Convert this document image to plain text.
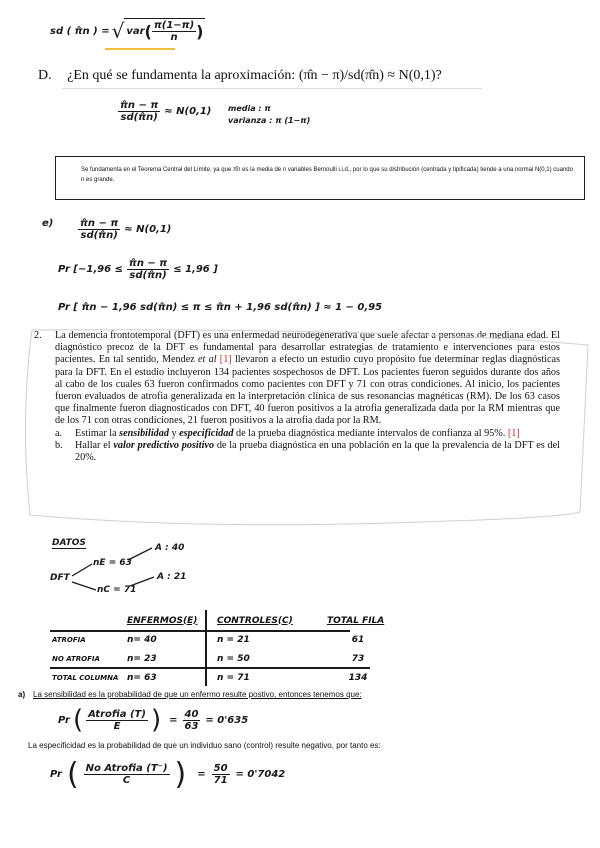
sd ( π̂n ) = √ var ( $\frac{\pi(1-\pi)}{n}$ )
D. ¿En qué se fundamenta la aproximación: (π̂n − π)/sd(π̂n) ≈ N(0,1)?
$\frac{\pîn - \pi}{sd(\pîn)} \approx N(0,1)$ media : π
varianza : π (1−π)
Se fundamenta en el Teorema Central del Límite, ya que π̂n es la media de n variables Bernoulli i.i.d., por lo que su distribución (centrada y tipificada) tiende a una normal N(0,1) cuando n es grande.
$e) \frac{\pîn - \pi}{sd(\pîn)} \approx N(0,1)$
Pr [$-1,96 \le \frac{\pîn - \pi}{sd(\pîn)} \le 1,96$ ]
Pr [ π̂n − 1,96 sd(π̂n) ≤ π ≤ π̂n + 1,96 sd(π̂n) ] ≈ 1 − 0,95
2. La demencia frontotemporal (DFT) es una enfermedad neurodegenerativa que suele afectar a personas de mediana edad. El diagnóstico precoz de la DFT es fundamental para desarrollar estrategias de tratamiento e intervenciones para estos pacientes. En tal sentido, Mendez et al [1] llevaron a efecto un estudio cuyo propósito fue determinar reglas diagnósticas para la DFT. En el estudio incluyeron 134 pacientes sospechosos de DFT. Los pacientes fueron seguidos durante dos años al cabo de los cuales 63 fueron confirmados como pacientes con DFT y 71 con otras condiciones. Al inicio, los pacientes fueron evaluados de atrofia generalizada en la interpretación clínica de sus resonancias magnéticas (RM). De los 63 casos que finalmente fueron diagnosticados con DFT, 40 fueron positivos a la atrofia generalizada dada por la RM mientras que de los 71 con otras condiciones, 21 fueron positivos a la atrofia dada por la RM.
a.	Estimar la sensibilidad y especificidad de la prueba diagnóstica mediante intervalos de confianza al 95%. [1]
b.	Hallar el valor predictivo positivo de la prueba diagnóstica en una población en la que la prevalencia de la DFT es del 20%.
DATOS
DFT
nE = 63
nC = 71
A : 40
A : 21
	ENFERMOS(E)	CONTROLES(C)	TOTAL FILA
ATROFIA	n= 40	n = 21	61
NO ATROFIA	n= 23	n = 50	73
TOTAL COLUMNA	n= 63	n = 71	134
a) La sensibilidad es la probabilidad de que un enfermo resulte postivo, entonces tenemos que:
Pr ( $\frac{\text{Atrofia (T)}}{E}$ ) = $\frac{40}{63} = 0'635$
La especificidad es la probabilidad de que un individuo sano (control) resulte negativo, por tanto es:
Pr ( $\frac{\text{No Atrofia (T⁻)}}{C}$ ) = $\frac{50}{71} = 0'7042$
